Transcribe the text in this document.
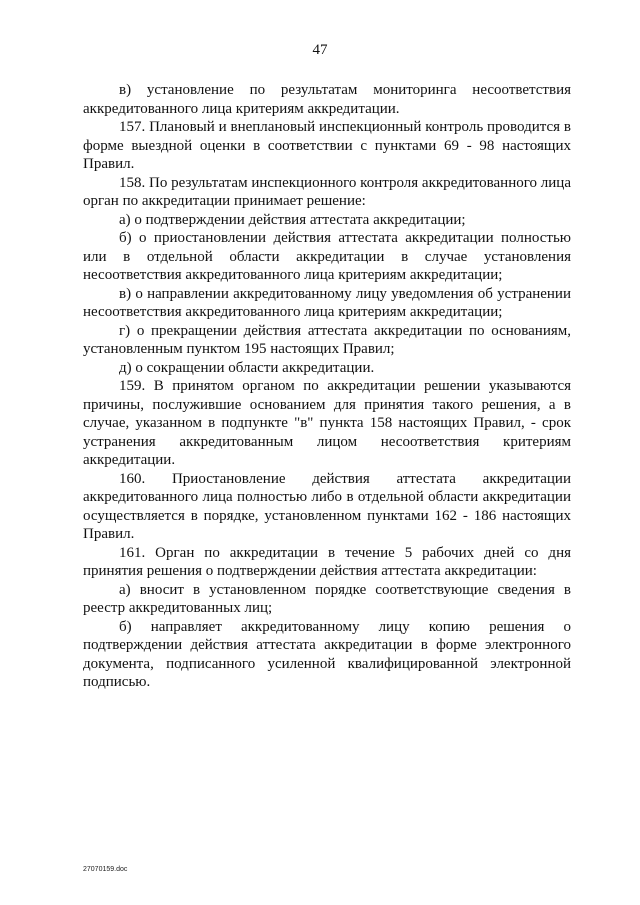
47

в) установление по результатам мониторинга несоответствия аккредитованного лица критериям аккредитации.

157. Плановый и внеплановый инспекционный контроль проводится в форме выездной оценки в соответствии с пунктами 69 - 98 настоящих Правил.

158. По результатам инспекционного контроля аккредитованного лица орган по аккредитации принимает решение:

а) о подтверждении действия аттестата аккредитации;

б) о приостановлении действия аттестата аккредитации полностью или в отдельной области аккредитации в случае установления несоответствия аккредитованного лица критериям аккредитации;

в) о направлении аккредитованному лицу уведомления об устранении несоответствия аккредитованного лица критериям аккредитации;

г) о прекращении действия аттестата аккредитации по основаниям, установленным пунктом 195 настоящих Правил;

д) о сокращении области аккредитации.

159. В принятом органом по аккредитации решении указываются причины, послужившие основанием для принятия такого решения, а в случае, указанном в подпункте "в" пункта 158 настоящих Правил, - срок устранения аккредитованным лицом несоответствия критериям аккредитации.

160. Приостановление действия аттестата аккредитации аккредитованного лица полностью либо в отдельной области аккредитации осуществляется в порядке, установленном пунктами 162 - 186 настоящих Правил.

161. Орган по аккредитации в течение 5 рабочих дней со дня принятия решения о подтверждении действия аттестата аккредитации:

а) вносит в установленном порядке соответствующие сведения в реестр аккредитованных лиц;

б) направляет аккредитованному лицу копию решения о подтверждении действия аттестата аккредитации в форме электронного документа, подписанного усиленной квалифицированной электронной подписью.

27070159.doc
